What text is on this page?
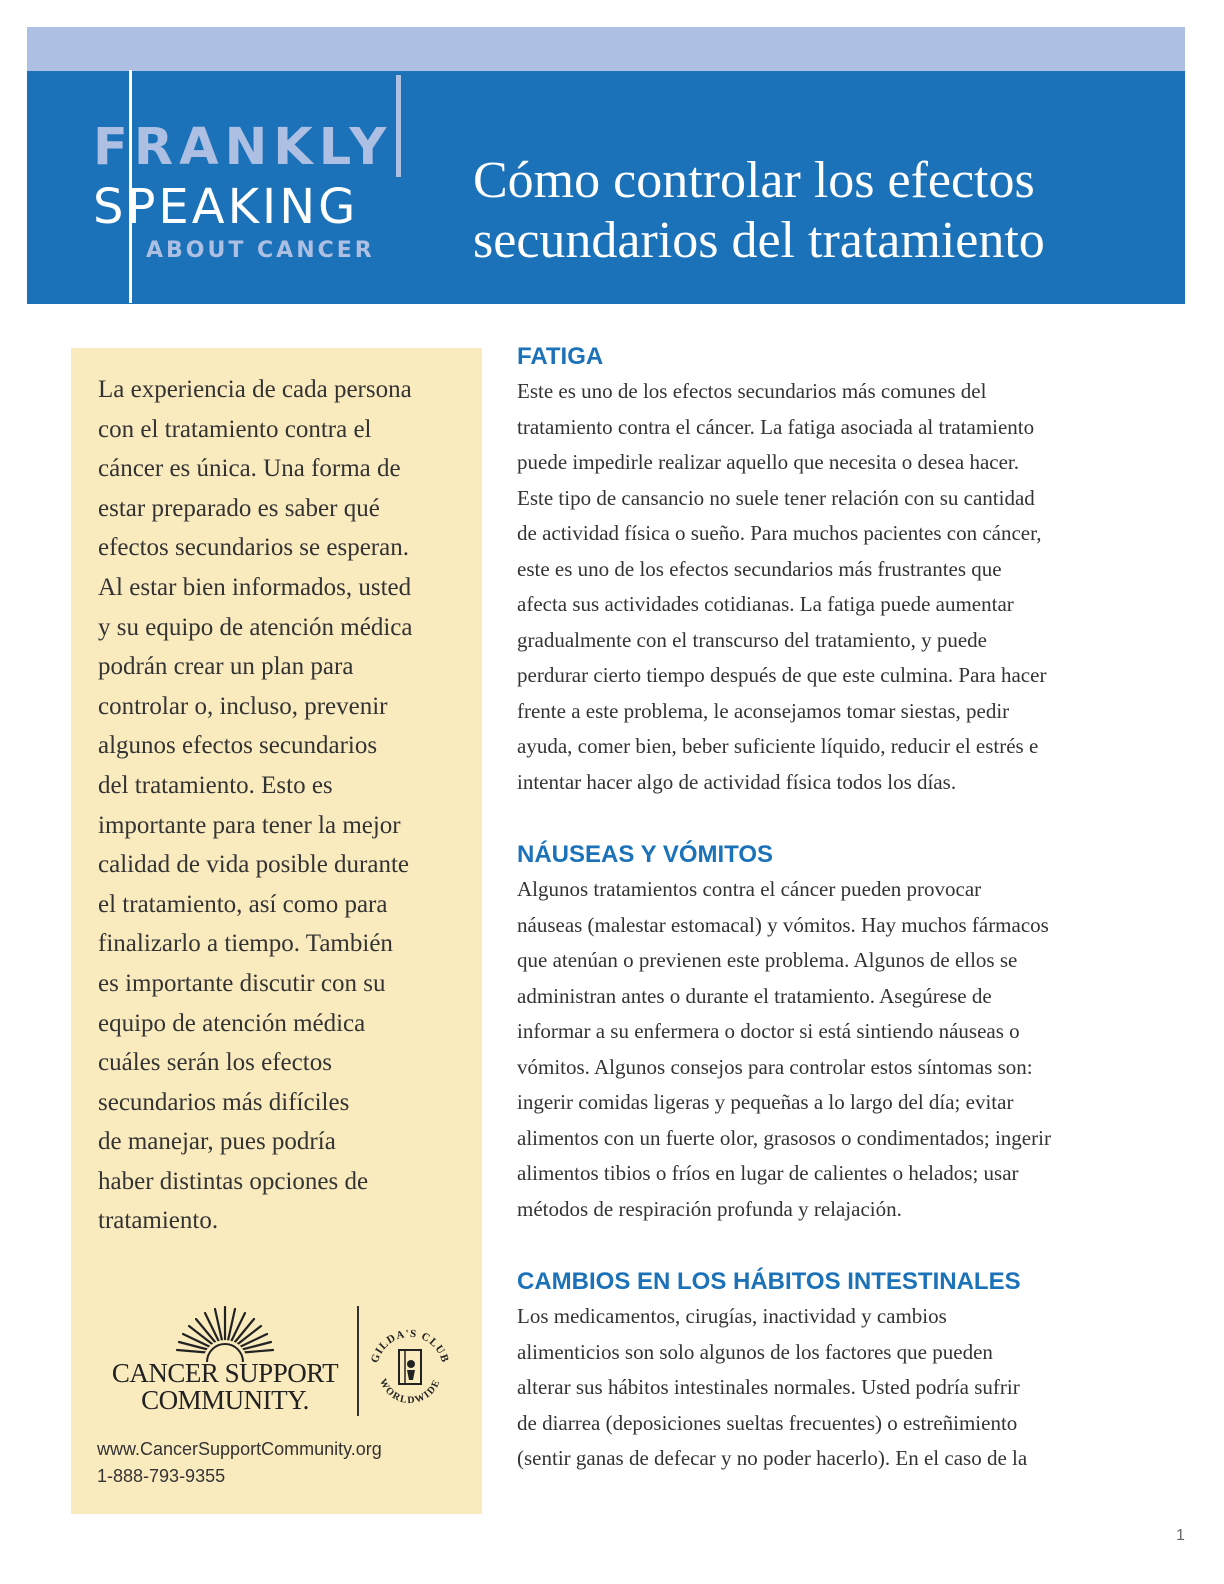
FRANKLY
SPEAKING
ABOUT CANCER
Cómo controlar los efectos
secundarios del tratamiento
La experiencia de cada persona
con el tratamiento contra el
cáncer es única. Una forma de
estar preparado es saber qué
efectos secundarios se esperan.
Al estar bien informados, usted
y su equipo de atención médica
podrán crear un plan para
controlar o, incluso, prevenir
algunos efectos secundarios
del tratamiento. Esto es
importante para tener la mejor
calidad de vida posible durante
el tratamiento, así como para
finalizarlo a tiempo. También
es importante discutir con su
equipo de atención médica
cuáles serán los efectos
secundarios más difíciles
de manejar, pues podría
haber distintas opciones de
tratamiento.
CANCER SUPPORT
COMMUNITY.
GILDA'S CLUB
WORLDWIDE
www.CancerSupportCommunity.org
1-888-793-9355
FATIGA
Este es uno de los efectos secundarios más comunes del
tratamiento contra el cáncer. La fatiga asociada al tratamiento
puede impedirle realizar aquello que necesita o desea hacer.
Este tipo de cansancio no suele tener relación con su cantidad
de actividad física o sueño. Para muchos pacientes con cáncer,
este es uno de los efectos secundarios más frustrantes que
afecta sus actividades cotidianas. La fatiga puede aumentar
gradualmente con el transcurso del tratamiento, y puede
perdurar cierto tiempo después de que este culmina. Para hacer
frente a este problema, le aconsejamos tomar siestas, pedir
ayuda, comer bien, beber suficiente líquido, reducir el estrés e
intentar hacer algo de actividad física todos los días.
NÁUSEAS Y VÓMITOS
Algunos tratamientos contra el cáncer pueden provocar
náuseas (malestar estomacal) y vómitos. Hay muchos fármacos
que atenúan o previenen este problema. Algunos de ellos se
administran antes o durante el tratamiento. Asegúrese de
informar a su enfermera o doctor si está sintiendo náuseas o
vómitos. Algunos consejos para controlar estos síntomas son:
ingerir comidas ligeras y pequeñas a lo largo del día; evitar
alimentos con un fuerte olor, grasosos o condimentados; ingerir
alimentos tibios o fríos en lugar de calientes o helados; usar
métodos de respiración profunda y relajación.
CAMBIOS EN LOS HÁBITOS INTESTINALES
Los medicamentos, cirugías, inactividad y cambios
alimenticios son solo algunos de los factores que pueden
alterar sus hábitos intestinales normales. Usted podría sufrir
de diarrea (deposiciones sueltas frecuentes) o estreñimiento
(sentir ganas de defecar y no poder hacerlo). En el caso de la
1
